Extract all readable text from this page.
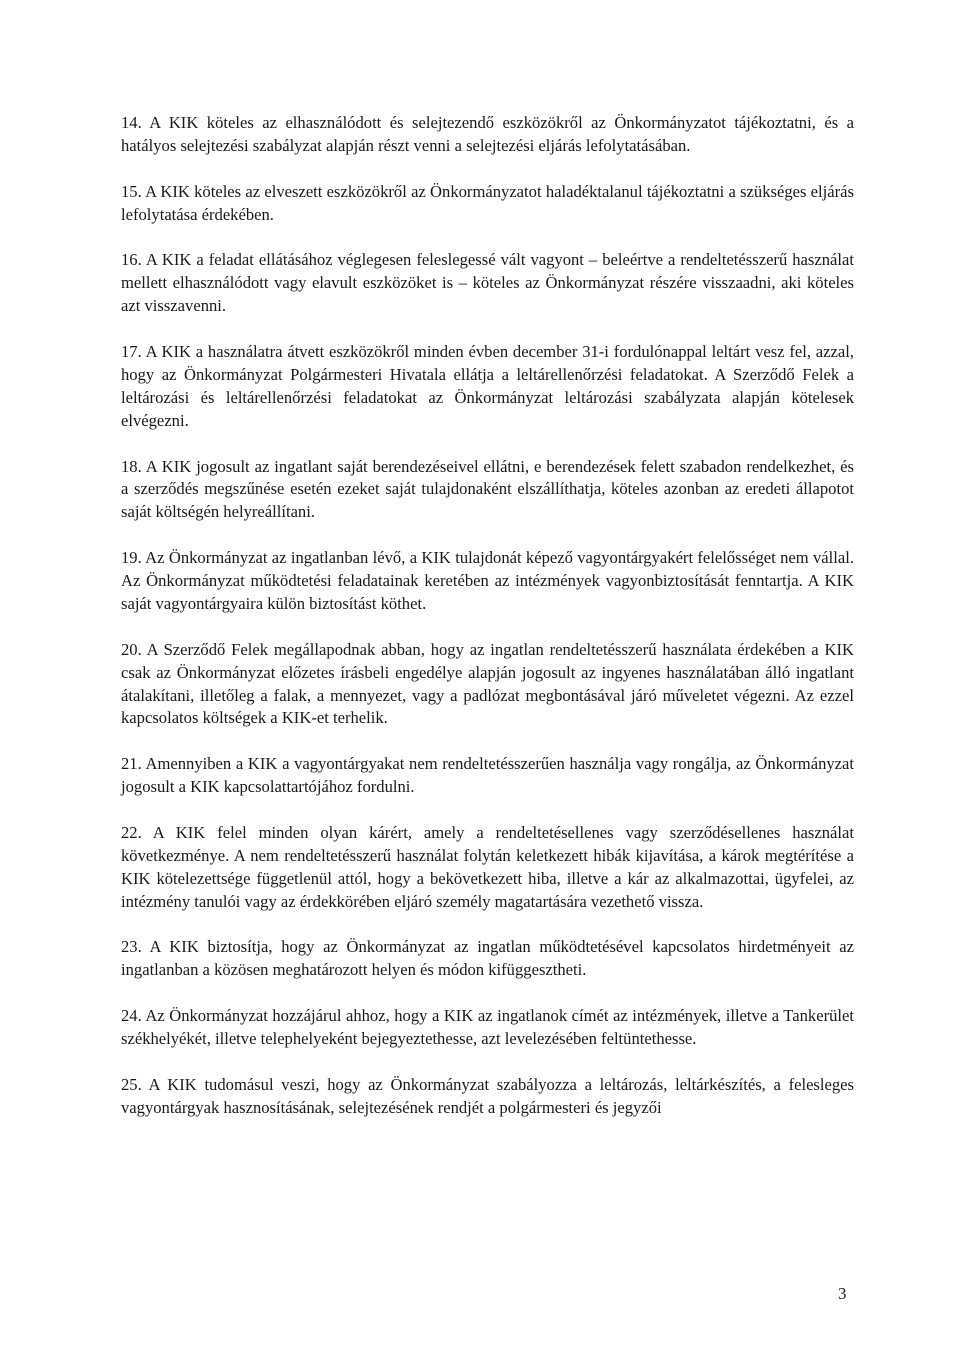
14. A KIK köteles az elhasználódott és selejtezendő eszközökről az Önkormányzatot tájékoztatni, és a hatályos selejtezési szabályzat alapján részt venni a selejtezési eljárás lefolytatásában.

15. A KIK köteles az elveszett eszközökről az Önkormányzatot haladéktalanul tájékoztatni a szükséges eljárás lefolytatása érdekében.

16. A KIK a feladat ellátásához véglegesen feleslegessé vált vagyont – beleértve a rendeltetésszerű használat mellett elhasználódott vagy elavult eszközöket is – köteles az Önkormányzat részére visszaadni, aki köteles azt visszavenni.

17. A KIK a használatra átvett eszközökről minden évben december 31-i fordulónappal leltárt vesz fel, azzal, hogy az Önkormányzat Polgármesteri Hivatala ellátja a leltárellenőrzési feladatokat. A Szerződő Felek a leltározási és leltárellenőrzési feladatokat az Önkormányzat leltározási szabályzata alapján kötelesek elvégezni.

18. A KIK jogosult az ingatlant saját berendezéseivel ellátni, e berendezések felett szabadon rendelkezhet, és a szerződés megszűnése esetén ezeket saját tulajdonaként elszállíthatja, köteles azonban az eredeti állapotot saját költségén helyreállítani.

19. Az Önkormányzat az ingatlanban lévő, a KIK tulajdonát képező vagyontárgyakért felelősséget nem vállal. Az Önkormányzat működtetési feladatainak keretében az intézmények vagyonbiztosítását fenntartja. A KIK saját vagyontárgyaira külön biztosítást köthet.

20. A Szerződő Felek megállapodnak abban, hogy az ingatlan rendeltetésszerű használata érdekében a KIK csak az Önkormányzat előzetes írásbeli engedélye alapján jogosult az ingyenes használatában álló ingatlant átalakítani, illetőleg a falak, a mennyezet, vagy a padlózat megbontásával járó műveletet végezni. Az ezzel kapcsolatos költségek a KIK-et terhelik.

21. Amennyiben a KIK a vagyontárgyakat nem rendeltetésszerűen használja vagy rongálja, az Önkormányzat jogosult a KIK kapcsolattartójához fordulni.

22. A KIK felel minden olyan kárért, amely a rendeltetésellenes vagy szerződésellenes használat következménye. A nem rendeltetésszerű használat folytán keletkezett hibák kijavítása, a károk megtérítése a KIK kötelezettsége függetlenül attól, hogy a bekövetkezett hiba, illetve a kár az alkalmazottai, ügyfelei, az intézmény tanulói vagy az érdekkörében eljáró személy magatartására vezethető vissza.

23. A KIK biztosítja, hogy az Önkormányzat az ingatlan működtetésével kapcsolatos hirdetményeit az ingatlanban a közösen meghatározott helyen és módon kifüggesztheti.

24. Az Önkormányzat hozzájárul ahhoz, hogy a KIK az ingatlanok címét az intézmények, illetve a Tankerület székhelyékét, illetve telephelyeként bejegyeztethesse, azt levelezésében feltüntethesse.

25. A KIK tudomásul veszi, hogy az Önkormányzat szabályozza a leltározás, leltárkészítés, a felesleges vagyontárgyak hasznosításának, selejtezésének rendjét a polgármesteri és jegyzői

3
